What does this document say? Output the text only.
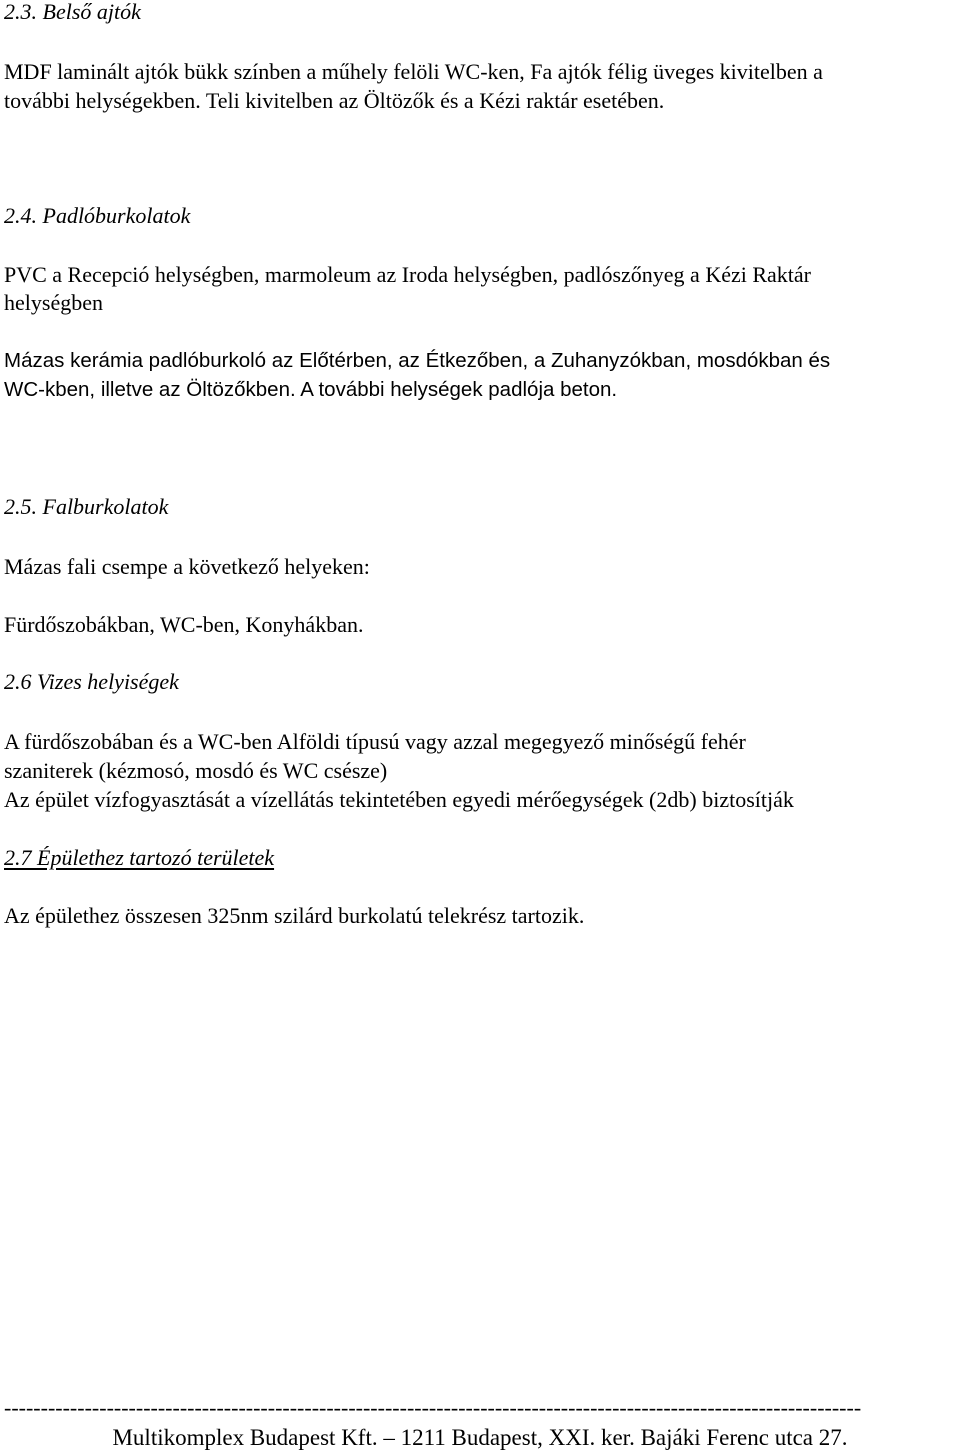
2.3. Belső ajtók

MDF laminált ajtók bükk színben a műhely felöli WC-ken, Fa ajtók félig üveges kivitelben a

további helységekben. Teli kivitelben az Öltözők és a Kézi raktár esetében.

2.4. Padlóburkolatok

PVC a Recepció helységben, marmoleum az Iroda helységben, padlószőnyeg a Kézi Raktár

helységben

Mázas kerámia padlóburkoló az Előtérben, az Étkezőben, a Zuhanyzókban, mosdókban és

WC-kben, illetve az Öltözőkben. A további helységek padlója beton.

2.5. Falburkolatok

Mázas fali csempe a következő helyeken:

Fürdőszobákban, WC-ben, Konyhákban.

2.6 Vizes helyiségek

A fürdőszobában és a WC-ben Alföldi típusú vagy azzal megegyező minőségű fehér

szaniterek (kézmosó, mosdó és WC csésze)

Az épület vízfogyasztását a vízellátás tekintetében egyedi mérőegységek (2db) biztosítják

2.7 Épülethez tartozó területek

Az épülethez összesen 325nm szilárd burkolatú telekrész tartozik.

---------------------------------------------------------------------------------------------------------------------
Multikomplex Budapest Kft. – 1211 Budapest, XXI. ker. Bajáki Ferenc utca 27.
